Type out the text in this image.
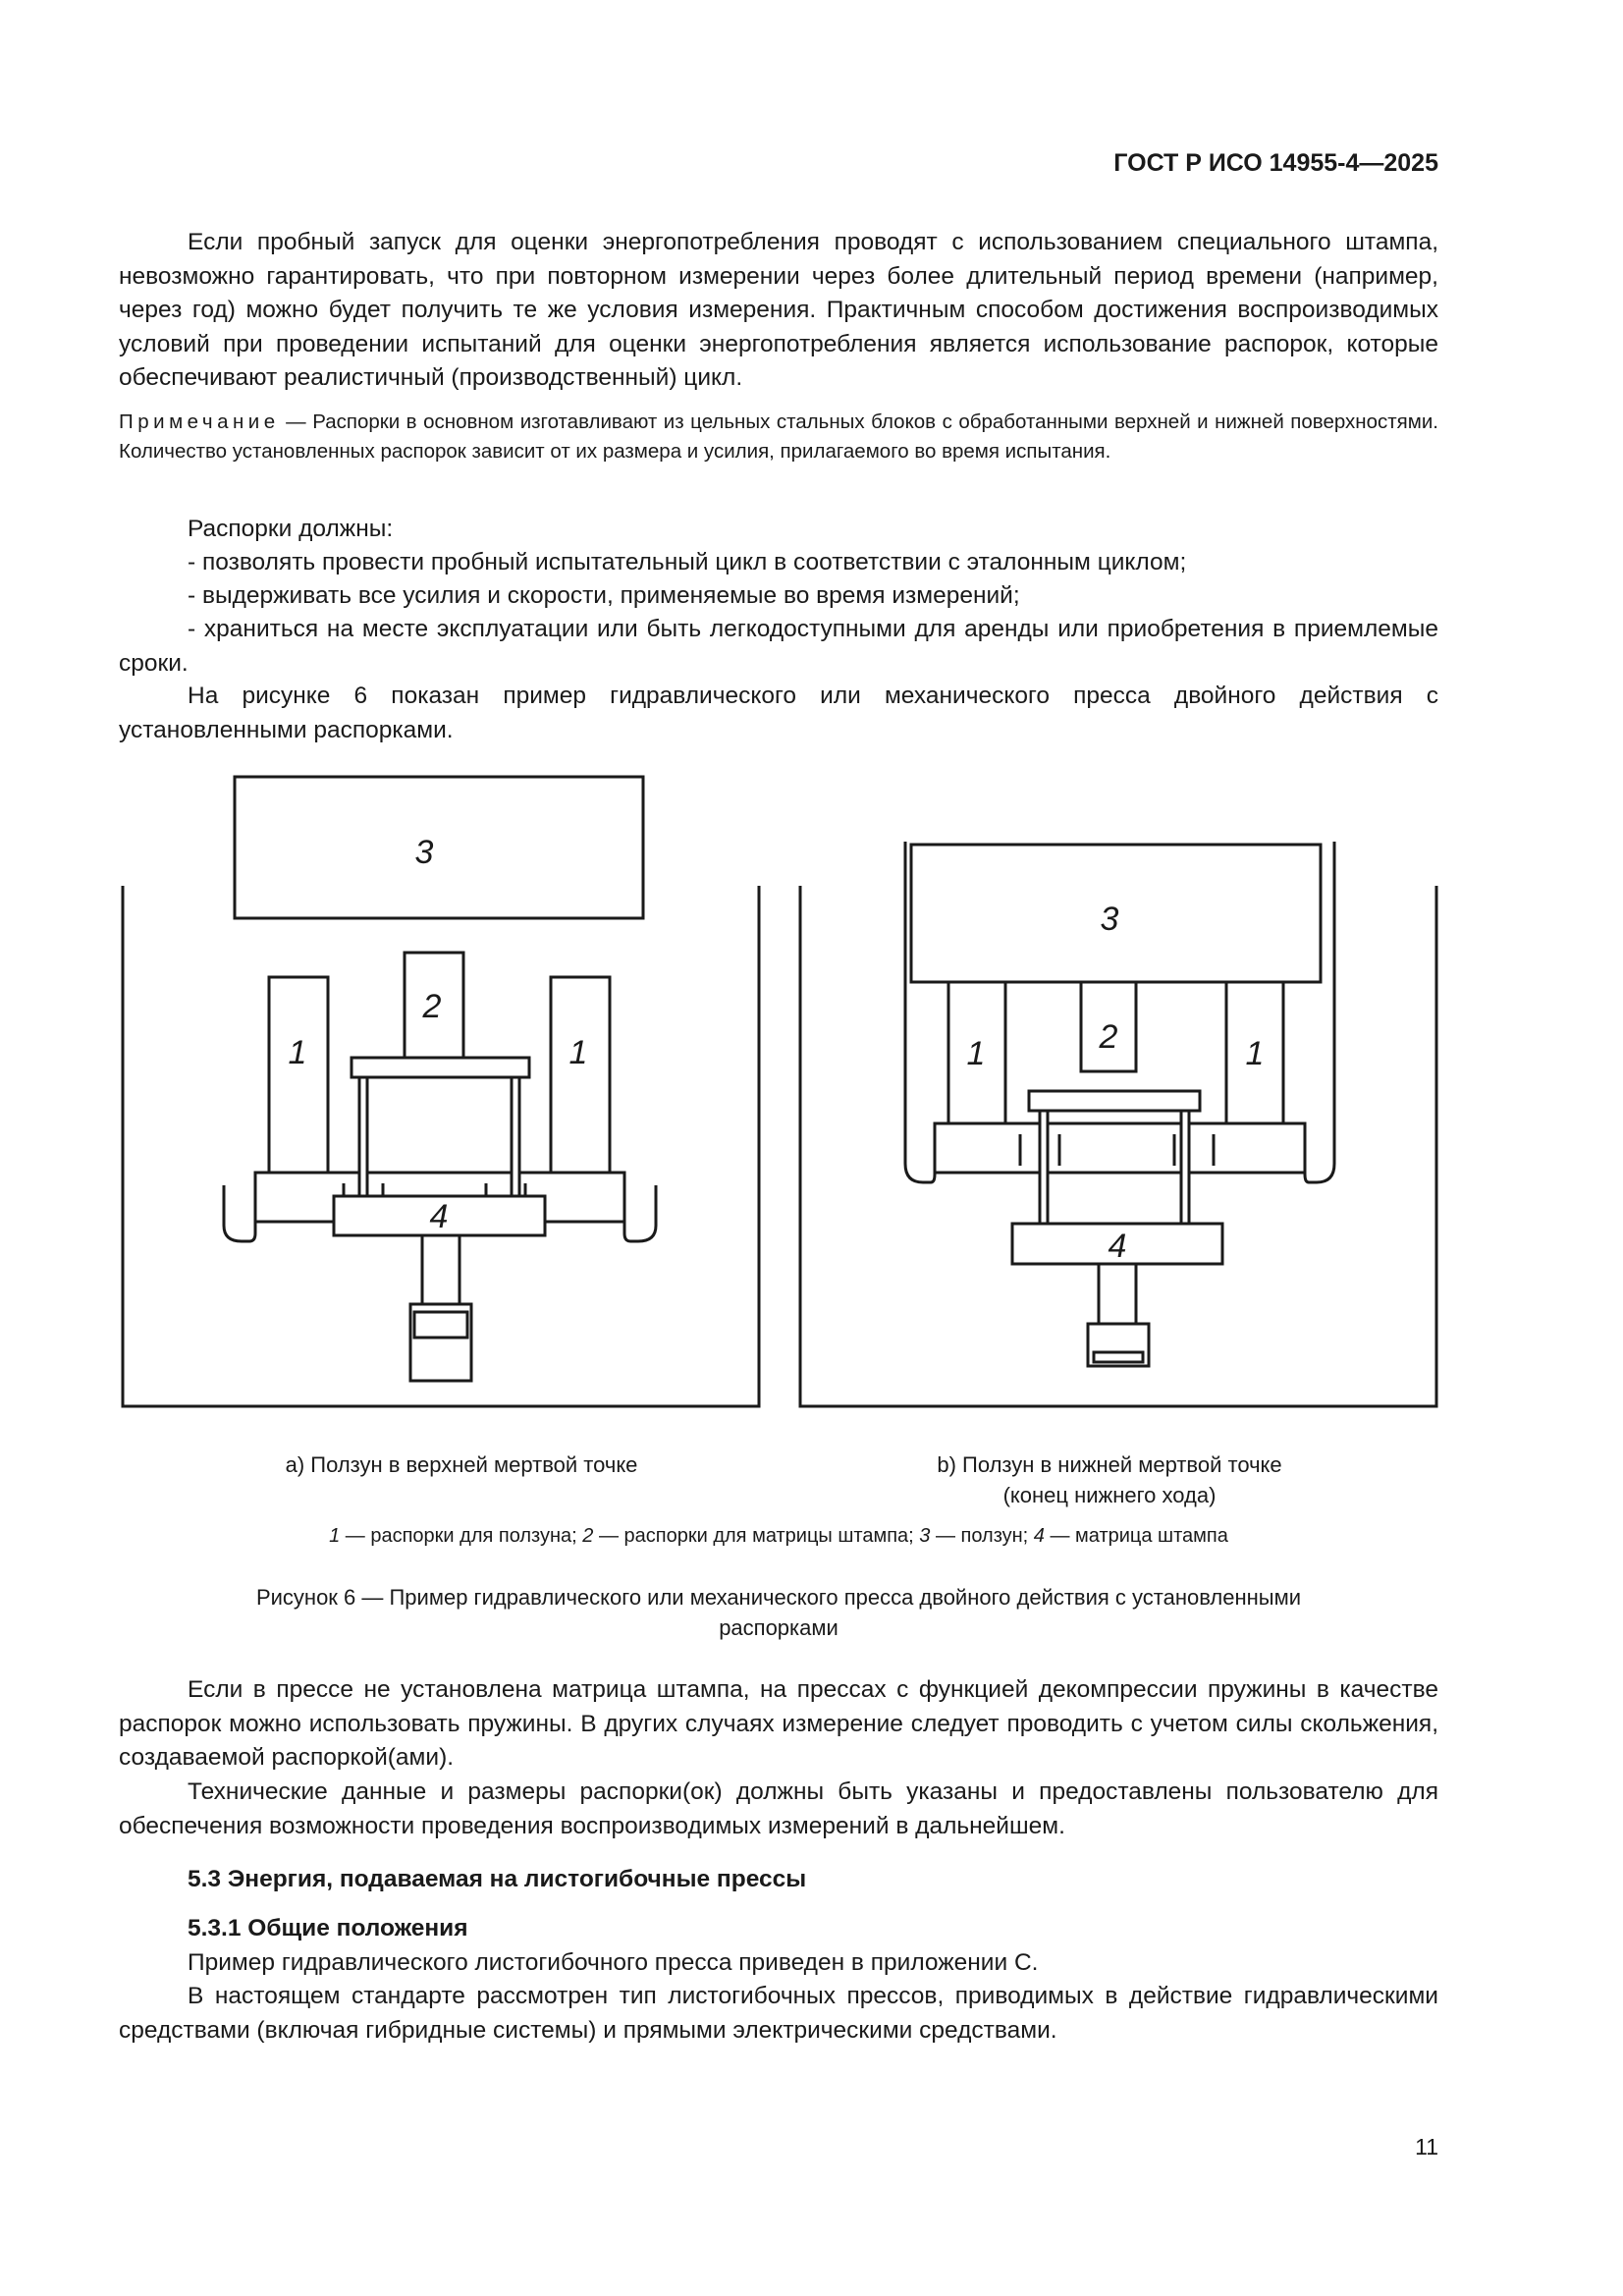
ГОСТ Р ИСО 14955-4—2025

Если пробный запуск для оценки энергопотребления проводят с использованием специального штампа, невозможно гарантировать, что при повторном измерении через более длительный период времени (например, через год) можно будет получить те же условия измерения. Практичным способом достижения воспроизводимых условий при проведении испытаний для оценки энергопотребления является использование распорок, которые обеспечивают реалистичный (производственный) цикл.

Примечание — Распорки в основном изготавливают из цельных стальных блоков с обработанными верхней и нижней поверхностями. Количество установленных распорок зависит от их размера и усилия, прилагаемого во время испытания.

Распорки должны:

- позволять провести пробный испытательный цикл в соответствии с эталонным циклом;

- выдерживать все усилия и скорости, применяемые во время измерений;

- храниться на месте эксплуатации или быть легкодоступными для аренды или приобретения в приемлемые сроки.

На рисунке 6 показан пример гидравлического или механического пресса двойного действия с установленными распорками.

3
2
1	1
4
3
2
1	1
4
а) Ползун в верхней мертвой точке	b) Ползун в нижней мертвой точке
(конец нижнего хода)
1 — распорки для ползуна; 2 — распорки для матрицы штампа; 3 — ползун; 4 — матрица штампа
Рисунок 6 — Пример гидравлического или механического пресса двойного действия с установленными
распорками

Если в прессе не установлена матрица штампа, на прессах с функцией декомпрессии пружины в качестве распорок можно использовать пружины. В других случаях измерение следует проводить с учетом силы скольжения, создаваемой распоркой(ами).

Технические данные и размеры распорки(ок) должны быть указаны и предоставлены пользователю для обеспечения возможности проведения воспроизводимых измерений в дальнейшем.

5.3 Энергия, подаваемая на листогибочные прессы
5.3.1 Общие положения

Пример гидравлического листогибочного пресса приведен в приложении С.

В настоящем стандарте рассмотрен тип листогибочных прессов, приводимых в действие гидравлическими средствами (включая гибридные системы) и прямыми электрическими средствами.

11
